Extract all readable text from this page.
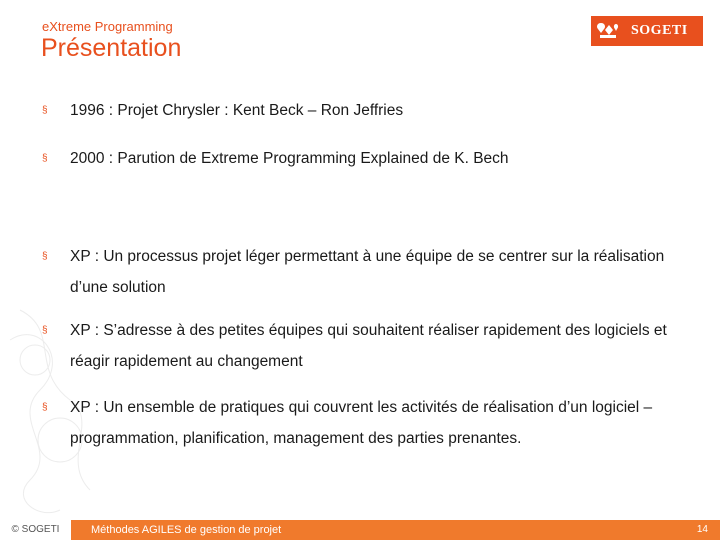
eXtreme Programming
Présentation
SOGETI
§ 1996 : Projet Chrysler : Kent Beck – Ron Jeffries
§ 2000 : Parution de Extreme Programming Explained de K. Bech
§ XP : Un processus projet léger permettant à une équipe de se centrer sur la réalisation d’une solution
§ XP : S’adresse à des petites équipes qui souhaitent réaliser rapidement des logiciels et réagir rapidement au changement
§ XP : Un ensemble de pratiques qui couvrent les activités de réalisation d’un logiciel – programmation, planification, management des parties prenantes.
© SOGETI	Méthodes AGILES de gestion de projet	14
